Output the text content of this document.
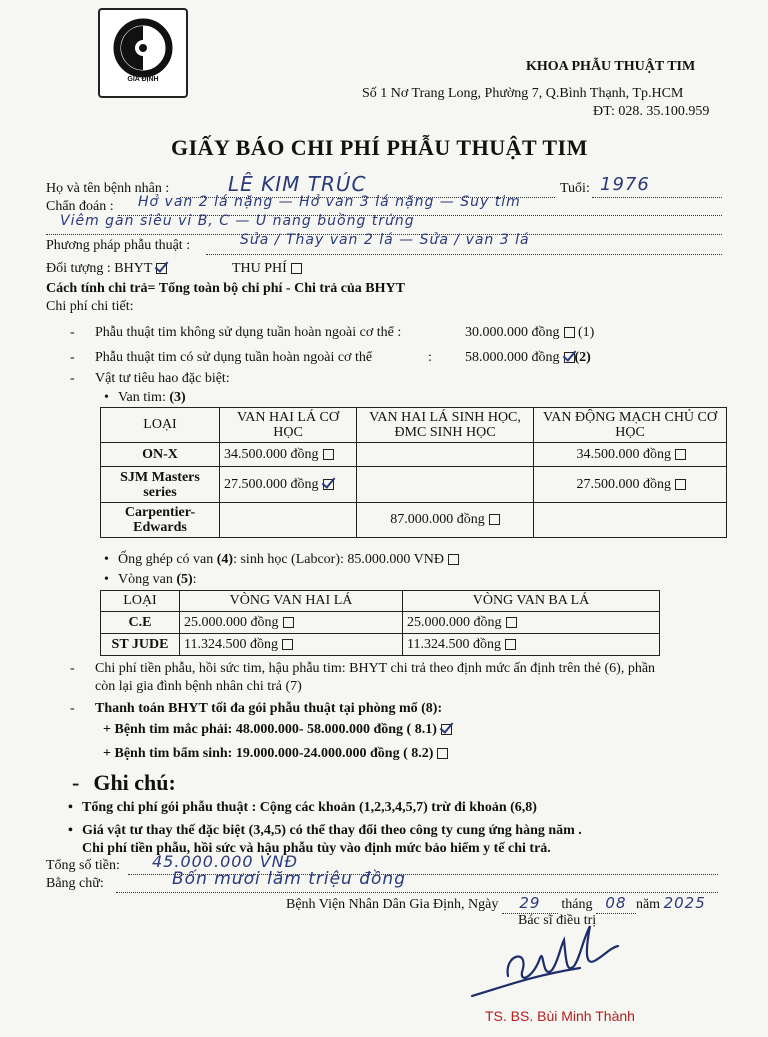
GIA ĐỊNH
KHOA PHẪU THUẬT TIM
Số 1 Nơ Trang Long, Phường 7, Q.Bình Thạnh, Tp.HCM
ĐT: 028. 35.100.959
GIẤY BÁO CHI PHÍ PHẪU THUẬT TIM
Họ và tên bệnh nhân :	LÊ KIM TRÚC	Tuổi: 1976
Chẩn đoán : Hở van 2 lá nặng — Hở van 3 lá nặng — Suy tim
Viêm gan siêu vi B, C — U nang buồng trứng
Phương pháp phẫu thuật :	Sửa / Thay van 2 lá — Sửa / van 3 lá
Đối tượng : BHYT	THU PHÍ
Cách tính chi trả= Tổng toàn bộ chi phí - Chi trả của BHYT
Chi phí chi tiết:
- Phẫu thuật tim không sử dụng tuần hoàn ngoài cơ thể :	30.000.000 đồng (1)
- Phẫu thuật tim có sử dụng tuần hoàn ngoài cơ thể	: 58.000.000 đồng (2)
- Vật tư tiêu hao đặc biệt:
• Van tim: (3)
LOẠI	VAN HAI LÁ CƠ HỌC	VAN HAI LÁ SINH HỌC, ĐMC SINH HỌC	VAN ĐỘNG MẠCH CHỦ CƠ HỌC
ON-X	34.500.000 đồng		34.500.000 đồng
SJM Masters series	27.500.000 đồng		27.500.000 đồng
Carpentier-Edwards		87.000.000 đồng	
• Ống ghép có van (4): sinh học (Labcor): 85.000.000 VNĐ
• Vòng van (5):
LOẠI	VÒNG VAN HAI LÁ	VÒNG VAN BA LÁ
C.E	25.000.000 đồng	25.000.000 đồng
ST JUDE	11.324.500 đồng	11.324.500 đồng
- Chi phí tiền phẫu, hồi sức tim, hậu phẫu tim: BHYT chi trả theo định mức ấn định trên thẻ (6), phần
còn lại gia đình bệnh nhân chi trả (7)
- Thanh toán BHYT tối đa gói phẫu thuật tại phòng mổ (8):
+ Bệnh tim mắc phải: 48.000.000- 58.000.000 đồng ( 8.1)
+ Bệnh tim bẩm sinh: 19.000.000-24.000.000 đồng ( 8.2)
- Ghi chú:
• Tổng chi phí gói phẫu thuật : Cộng các khoản (1,2,3,4,5,7) trừ đi khoản (6,8)
• Giá vật tư thay thế đặc biệt (3,4,5) có thể thay đổi theo công ty cung ứng hàng năm .
Chi phí tiền phẫu, hồi sức và hậu phẫu tùy vào định mức bảo hiểm y tế chi trả.
Tổng số tiền: 45.000.000 VNĐ
Bằng chữ:	Bốn mươi lăm triệu đồng
Bệnh Viện Nhân Dân Gia Định, Ngày 29 tháng 08 năm 2025
Bác sĩ điều trị
TS. BS. Bùi Minh Thành
